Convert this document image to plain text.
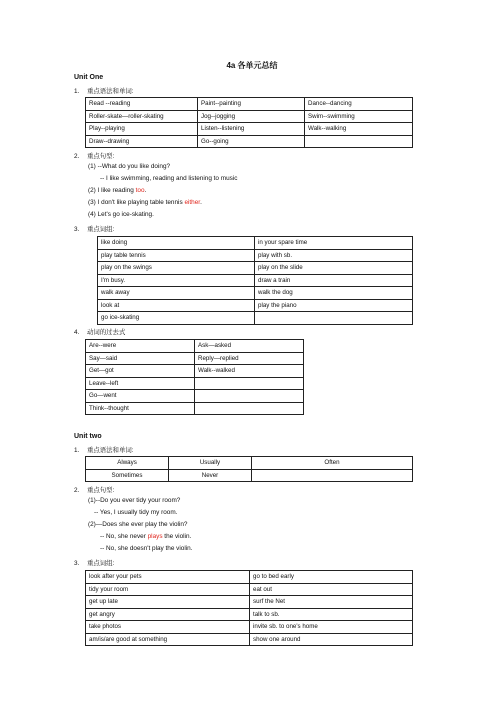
4a 各单元总结
Unit One
1. 重点语法和单词:
Read --reading	Paint--painting	Dance--dancing
Roller-skate—roller-skating	Jog--jogging	Swim--swimming
Play--playing	Listen--listening	Walk--walking
Draw--drawing	Go--going	
2. 重点句型:
(1) --What do you like doing?
-- I like swimming, reading and listening to music
(2) I like reading too.
(3) I don't like playing table tennis either.
(4) Let's go ice-skating.
3. 重点词组:
like doing	in your spare time
play table tennis	play with sb.
play on the swings	play on the slide
I'm busy.	draw a train
walk away	walk the dog
look at	play the piano
go ice-skating	
4. 动词的过去式
Are--were	Ask—asked
Say—said	Reply—replied
Get—got	Walk--walked
Leave--left	
Go—went	
Think--thought	
Unit two
1. 重点语法和单词:
Always	Usually	Often
Sometimes	Never	
2. 重点句型:
(1)--Do you ever tidy your room?
-- Yes, I usually tidy my room.
(2)—Does she ever play the violin?
-- No, she never plays the violin.
-- No, she doesn't play the violin.
3. 重点词组:
look after your pets	go to bed early
tidy your room	eat out
get up late	surf the Net
get angry	talk to sb.
take photos	invite sb. to one's home
am/is/are good at something	show one around
